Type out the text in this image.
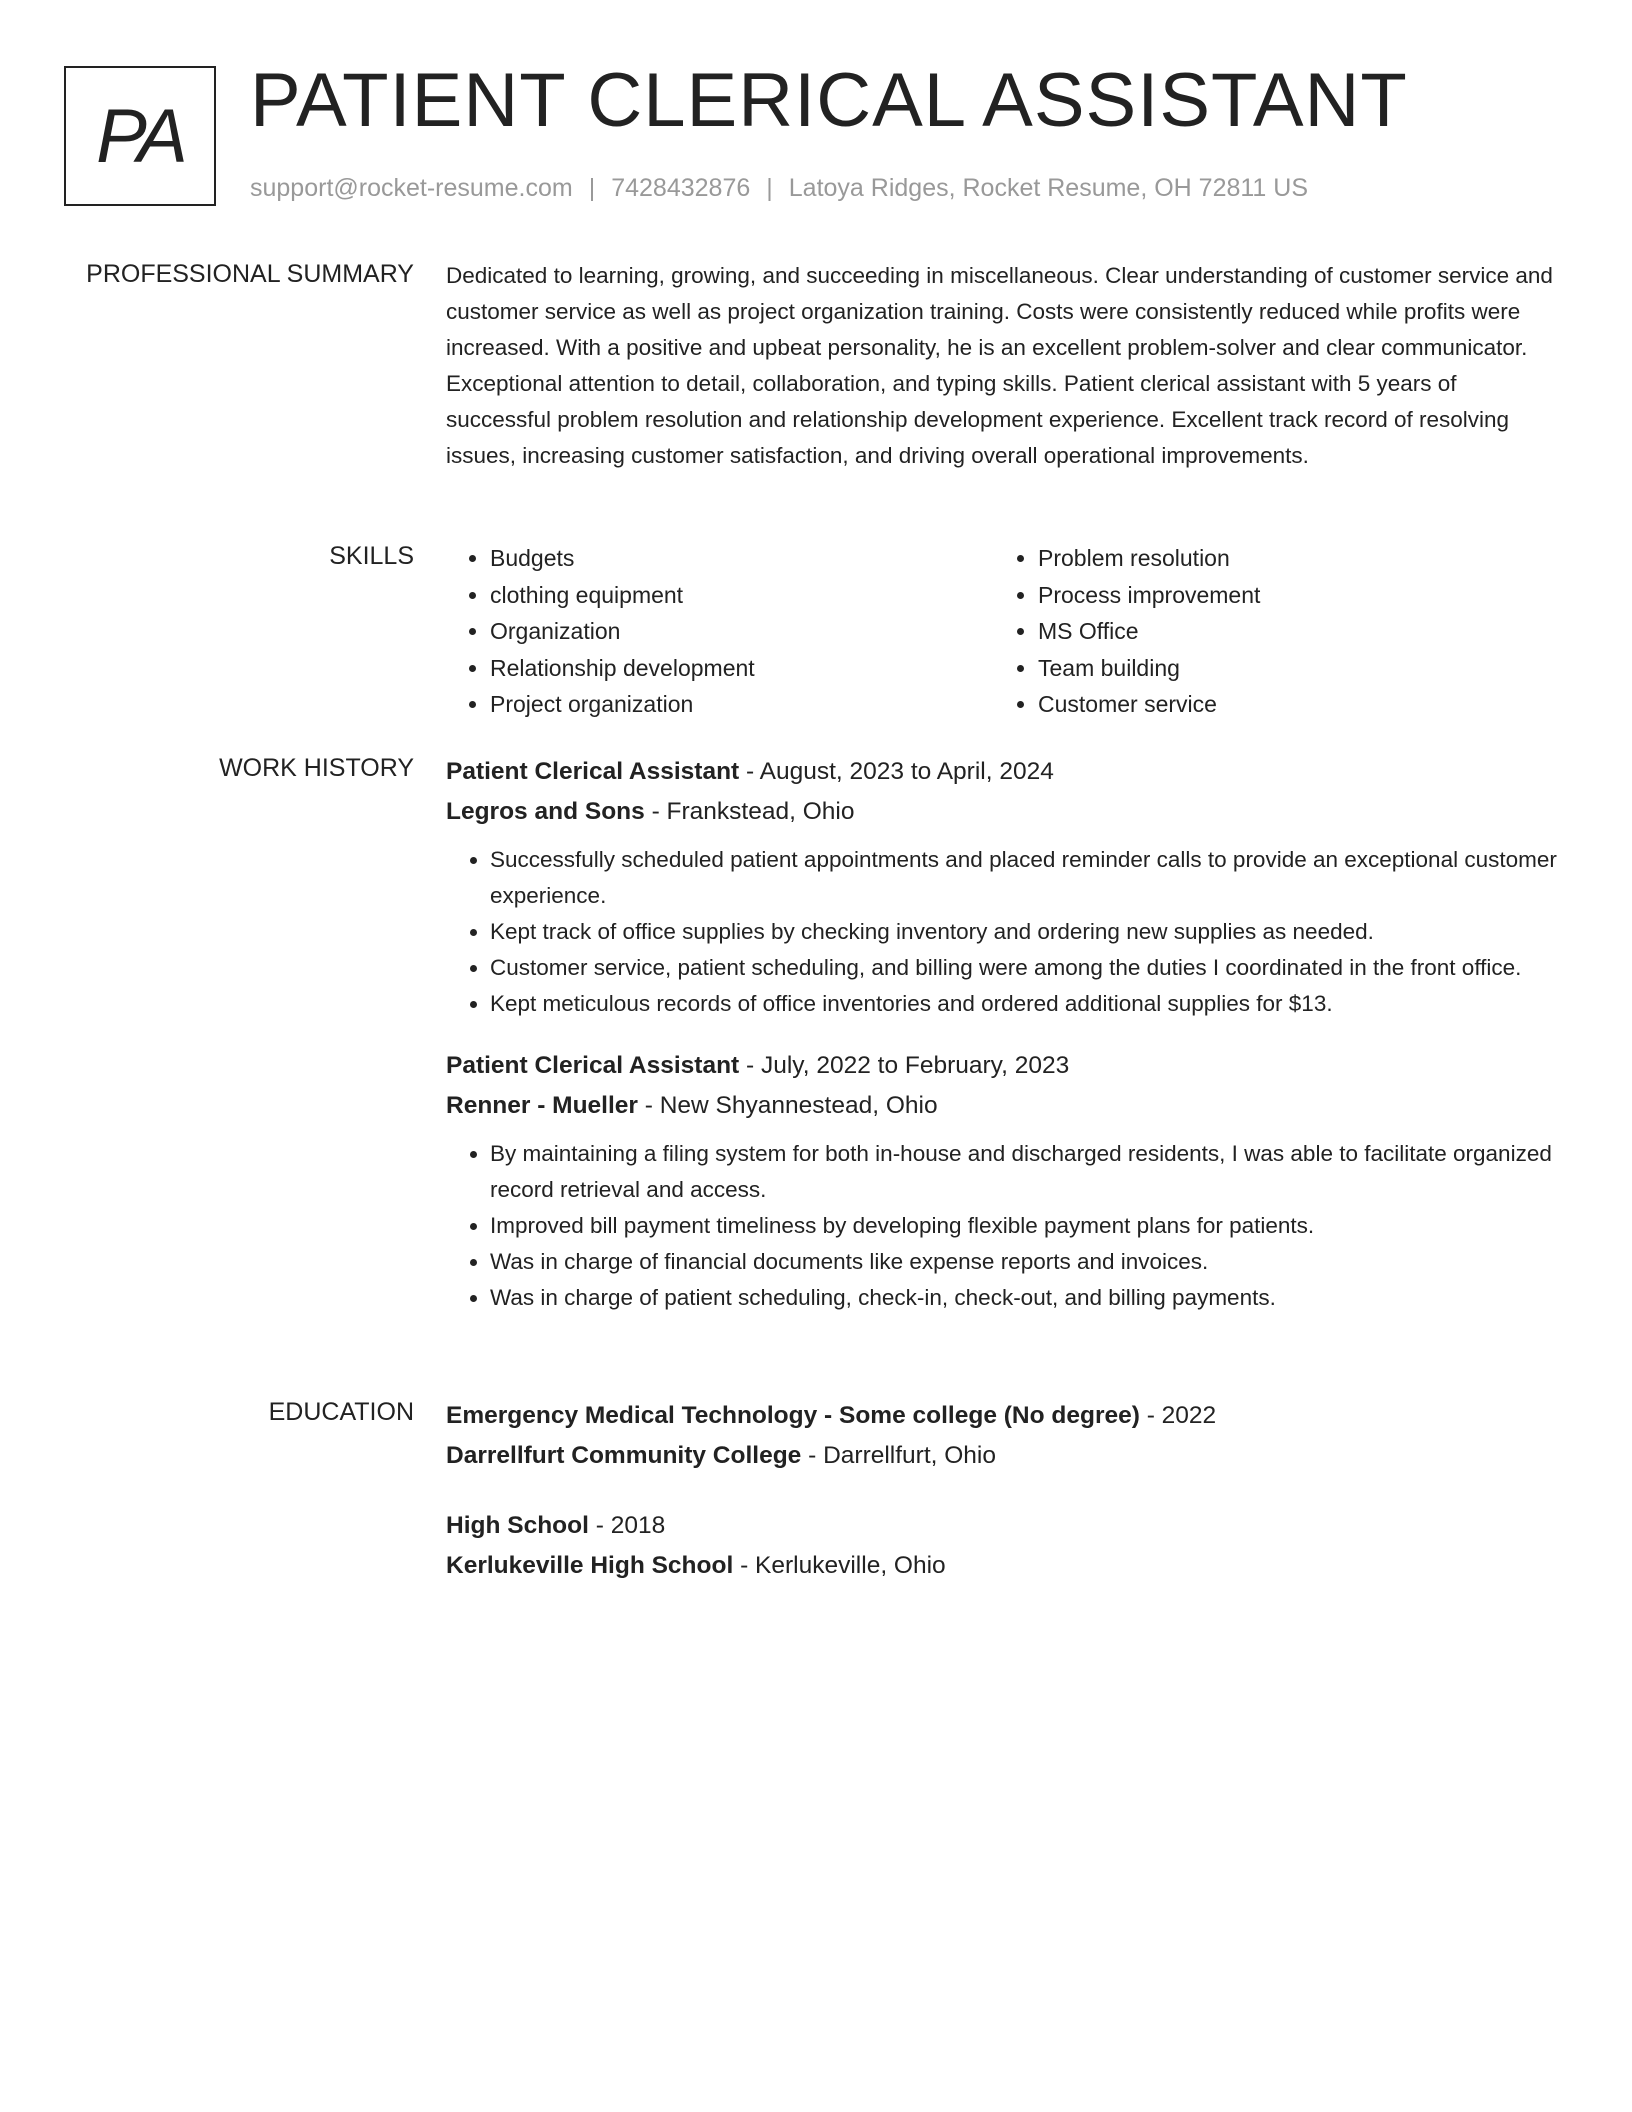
PA PATIENT CLERICAL ASSISTANT
support@rocket-resume.com | 7428432876 | Latoya Ridges, Rocket Resume, OH 72811 US
PROFESSIONAL SUMMARY Dedicated to learning, growing, and succeeding in miscellaneous. Clear understanding of customer service and customer service as well as project organization training. Costs were consistently reduced while profits were increased. With a positive and upbeat personality, he is an excellent problem-solver and clear communicator. Exceptional attention to detail, collaboration, and typing skills. Patient clerical assistant with 5 years of successful problem resolution and relationship development experience. Excellent track record of resolving issues, increasing customer satisfaction, and driving overall operational improvements.

SKILLS
•	Budgets
• clothing equipment
• Organization
• Relationship development
• Project organization
• Problem resolution
• Process improvement
• MS Office
• Team building
• Customer service
WORK HISTORY Patient Clerical Assistant - August, 2023 to April, 2024
Legros and Sons - Frankstead, Ohio
• Successfully scheduled patient appointments and placed reminder calls to provide an exceptional customer experience.
• Kept track of office supplies by checking inventory and ordering new supplies as needed.
• Customer service, patient scheduling, and billing were among the duties I coordinated in the front office.
• Kept meticulous records of office inventories and ordered additional supplies for $13.
Patient Clerical Assistant - July, 2022 to February, 2023
Renner - Mueller - New Shyannestead, Ohio
• By maintaining a filing system for both in-house and discharged residents, I was able to facilitate organized record retrieval and access.
• Improved bill payment timeliness by developing flexible payment plans for patients.
• Was in charge of financial documents like expense reports and invoices.
• Was in charge of patient scheduling, check-in, check-out, and billing payments.
EDUCATION Emergency Medical Technology - Some college (No degree) - 2022
Darrellfurt Community College - Darrellfurt, Ohio
High School - 2018
Kerlukeville High School - Kerlukeville, Ohio
